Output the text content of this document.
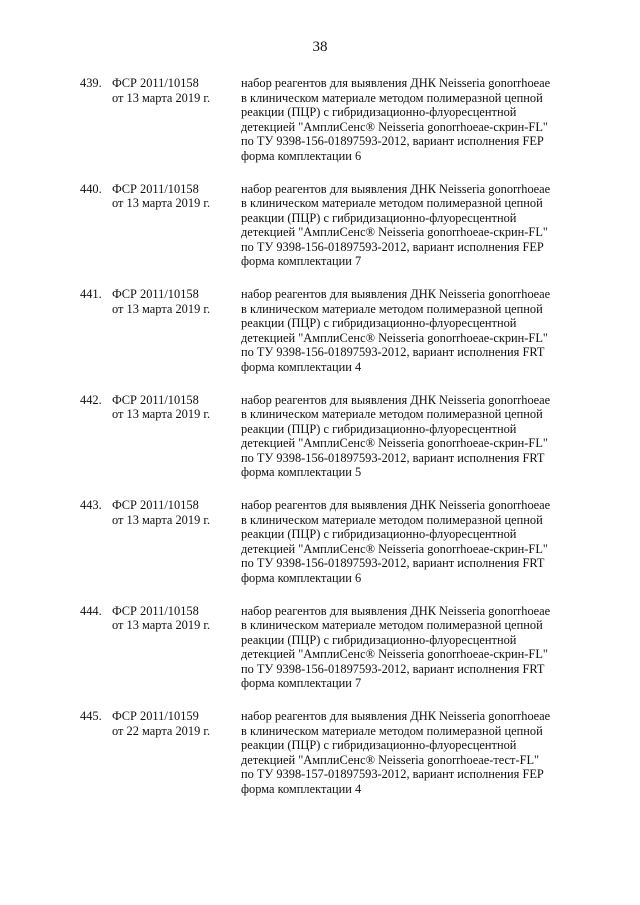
38
439. ФСР 2011/10158
от 13 марта 2019 г.
набор реагентов для выявления ДНК Neisseria gonorrhoeae
в клиническом материале методом полимеразной цепной
реакции (ПЦР) с гибридизационно-флуоресцентной
детекцией "АмплиСенс® Neisseria gonorrhoeae-скрин-FL"
по ТУ 9398-156-01897593-2012, вариант исполнения FEP
форма комплектации 6
440. ФСР 2011/10158
от 13 марта 2019 г.
набор реагентов для выявления ДНК Neisseria gonorrhoeae
в клиническом материале методом полимеразной цепной
реакции (ПЦР) с гибридизационно-флуоресцентной
детекцией "АмплиСенс® Neisseria gonorrhoeae-скрин-FL"
по ТУ 9398-156-01897593-2012, вариант исполнения FEP
форма комплектации 7
441. ФСР 2011/10158
от 13 марта 2019 г.
набор реагентов для выявления ДНК Neisseria gonorrhoeae
в клиническом материале методом полимеразной цепной
реакции (ПЦР) с гибридизационно-флуоресцентной
детекцией "АмплиСенс® Neisseria gonorrhoeae-скрин-FL"
по ТУ 9398-156-01897593-2012, вариант исполнения FRT
форма комплектации 4
442. ФСР 2011/10158
от 13 марта 2019 г.
набор реагентов для выявления ДНК Neisseria gonorrhoeae
в клиническом материале методом полимеразной цепной
реакции (ПЦР) с гибридизационно-флуоресцентной
детекцией "АмплиСенс® Neisseria gonorrhoeae-скрин-FL"
по ТУ 9398-156-01897593-2012, вариант исполнения FRT
форма комплектации 5
443. ФСР 2011/10158
от 13 марта 2019 г.
набор реагентов для выявления ДНК Neisseria gonorrhoeae
в клиническом материале методом полимеразной цепной
реакции (ПЦР) с гибридизационно-флуоресцентной
детекцией "АмплиСенс® Neisseria gonorrhoeae-скрин-FL"
по ТУ 9398-156-01897593-2012, вариант исполнения FRT
форма комплектации 6
444. ФСР 2011/10158
от 13 марта 2019 г.
набор реагентов для выявления ДНК Neisseria gonorrhoeae
в клиническом материале методом полимеразной цепной
реакции (ПЦР) с гибридизационно-флуоресцентной
детекцией "АмплиСенс® Neisseria gonorrhoeae-скрин-FL"
по ТУ 9398-156-01897593-2012, вариант исполнения FRT
форма комплектации 7
445. ФСР 2011/10159
от 22 марта 2019 г.
набор реагентов для выявления ДНК Neisseria gonorrhoeae
в клиническом материале методом полимеразной цепной
реакции (ПЦР) с гибридизационно-флуоресцентной
детекцией "АмплиСенс® Neisseria gonorrhoeae-тест-FL"
по ТУ 9398-157-01897593-2012, вариант исполнения FEP
форма комплектации 4
